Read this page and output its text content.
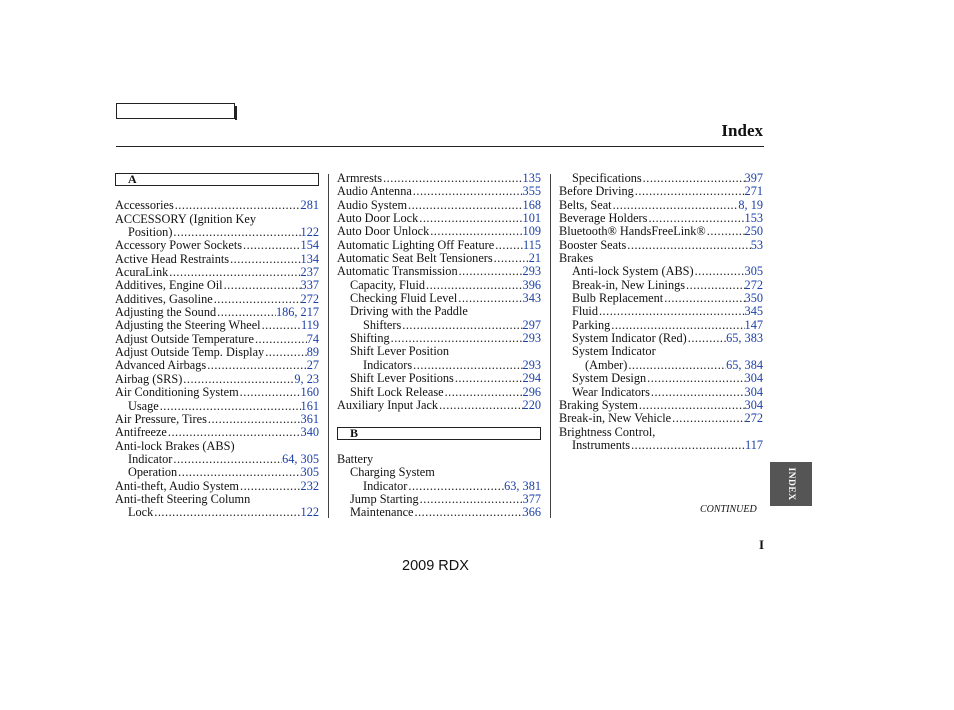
Index
A
Accessories .....	281
ACCESSORY (Ignition Key
Position) .....	122
Accessory Power Sockets .....	154
Active Head Restraints .....	134
AcuraLink .....	237
Additives, Engine Oil .....	337
Additives, Gasoline .....	272
Adjusting the Sound .....	186, 217
Adjusting the Steering Wheel .....	119
Adjust Outside Temperature .....	74
Adjust Outside Temp. Display .....	89
Advanced Airbags .....	27
Airbag (SRS) .....	9, 23
Air Conditioning System .....	160
Usage .....	161
Air Pressure, Tires .....	361
Antifreeze .....	340
Anti-lock Brakes (ABS)
Indicator .....	64, 305
Operation .....	305
Anti-theft, Audio System .....	232
Anti-theft Steering Column
Lock .....	122
Armrests .....	135
Audio Antenna .....	355
Audio System .....	168
Auto Door Lock .....	101
Auto Door Unlock .....	109
Automatic Lighting Off Feature ..... 115
Automatic Seat Belt Tensioners .....	21
Automatic Transmission .....	293
Capacity, Fluid .....	396
Checking Fluid Level .....	343
Driving with the Paddle
Shifters .....	297
Shifting .....	293
Shift Lever Position
Indicators .....	293
Shift Lever Positions .....	294
Shift Lock Release .....	296
Auxiliary Input Jack .....	220
B
Battery
Charging System
Indicator .....	63, 381
Jump Starting .....	377
Maintenance .....	366
Specifications .....	397
Before Driving .....	271
Belts, Seat .....	8, 19
Beverage Holders .....	153
Bluetooth® HandsFreeLink® .....	250
Booster Seats .....	53
Brakes
Anti-lock System (ABS) .....	305
Break-in, New Linings .....	272
Bulb Replacement .....	350
Fluid .....	345
Parking .....	147
System Indicator (Red) .....	65, 383
System Indicator
(Amber) .....	65, 384
System Design .....	304
Wear Indicators .....	304
Braking System .....	304
Break-in, New Vehicle .....	272
Brightness Control,
Instruments .....	117
CONTINUED
INDEX
I
2009 RDX
